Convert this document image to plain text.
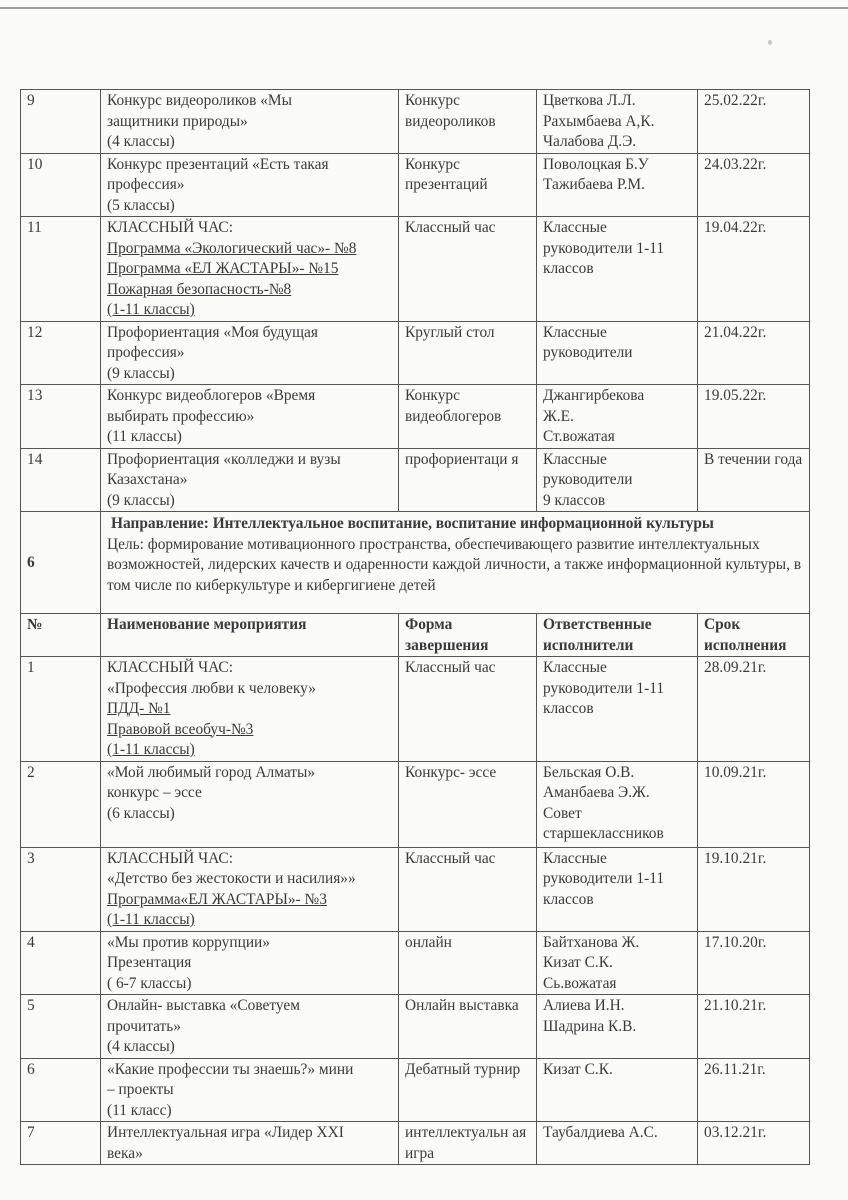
9	Конкурс видеороликов «Мы
защитники природы»
(4 классы)	Конкурс видеороликов	Цветкова Л.Л.
Рахымбаева А,К.
Чалабова Д.Э.	25.02.22г.
10	Конкурс презентаций «Есть такая
профессия»
(5 классы)	Конкурс презентаций	Поволоцкая Б.У
Тажибаева Р.М.	24.03.22г.
11	КЛАССНЫЙ ЧАС:
Программа «Экологический час»- №8
Программа «ЕЛ ЖАСТАРЫ»- №15
Пожарная безопасность-№8
(1-11 классы)	Классный час	Классные
руководители 1-11
классов	19.04.22г.
12	Профориентация «Моя будущая
профессия»
(9 классы)	Круглый стол	Классные
руководители	21.04.22г.
13	Конкурс видеоблогеров «Время
выбирать профессию»
(11 классы)	Конкурс видеоблогеров	Джангирбекова
Ж.Е.
Ст.вожатая	19.05.22г.
14	Профориентация «колледжи и вузы
Казахстана»
(9 классы)	профориентаци я	Классные
руководители
9 классов	В течении года
6	Направление: Интеллектуальное воспитание, воспитание информационной культуры
Цель: формирование мотивационного пространства, обеспечивающего развитие интеллектуальных возможностей, лидерских качеств и одаренности каждой личности, а также информационной культуры, в том числе по киберкультуре и кибергигиене детей			

№	Наименование мероприятия	Форма завершения	Ответственные исполнители	Срок исполнения
1	КЛАССНЫЙ ЧАС:
«Профессия любви к человеку»
ПДД- №1
Правовой всеобуч-№3
(1-11 классы)	Классный час	Классные
руководители 1-11
классов	28.09.21г.
2	«Мой любимый город Алматы»
конкурс – эссе
(6 классы)	Конкурс- эссе	Бельская О.В.
Аманбаева Э.Ж.
Совет
старшеклассников	10.09.21г.
3	КЛАССНЫЙ ЧАС:
«Детство без жестокости и насилия»»
Программа«ЕЛ ЖАСТАРЫ»- №3
(1-11 классы)	Классный час	Классные
руководители 1-11
классов	19.10.21г.
4	«Мы против коррупции»
Презентация
( 6-7 классы)	онлайн	Байтханова Ж.
Кизат С.К.
Сь.вожатая	17.10.20г.
5	Онлайн- выставка «Советуем
прочитать»
(4 классы)	Онлайн выставка	Алиева И.Н.
Шадрина К.В.	21.10.21г.
6	«Какие профессии ты знаешь?» мини
– проекты
(11 класс)	Дебатный турнир	Кизат С.К.	26.11.21г.
7	Интеллектуальная игра «Лидер XXI
века»	интеллектуальн ая игра	Таубалдиева А.С.	03.12.21г.
